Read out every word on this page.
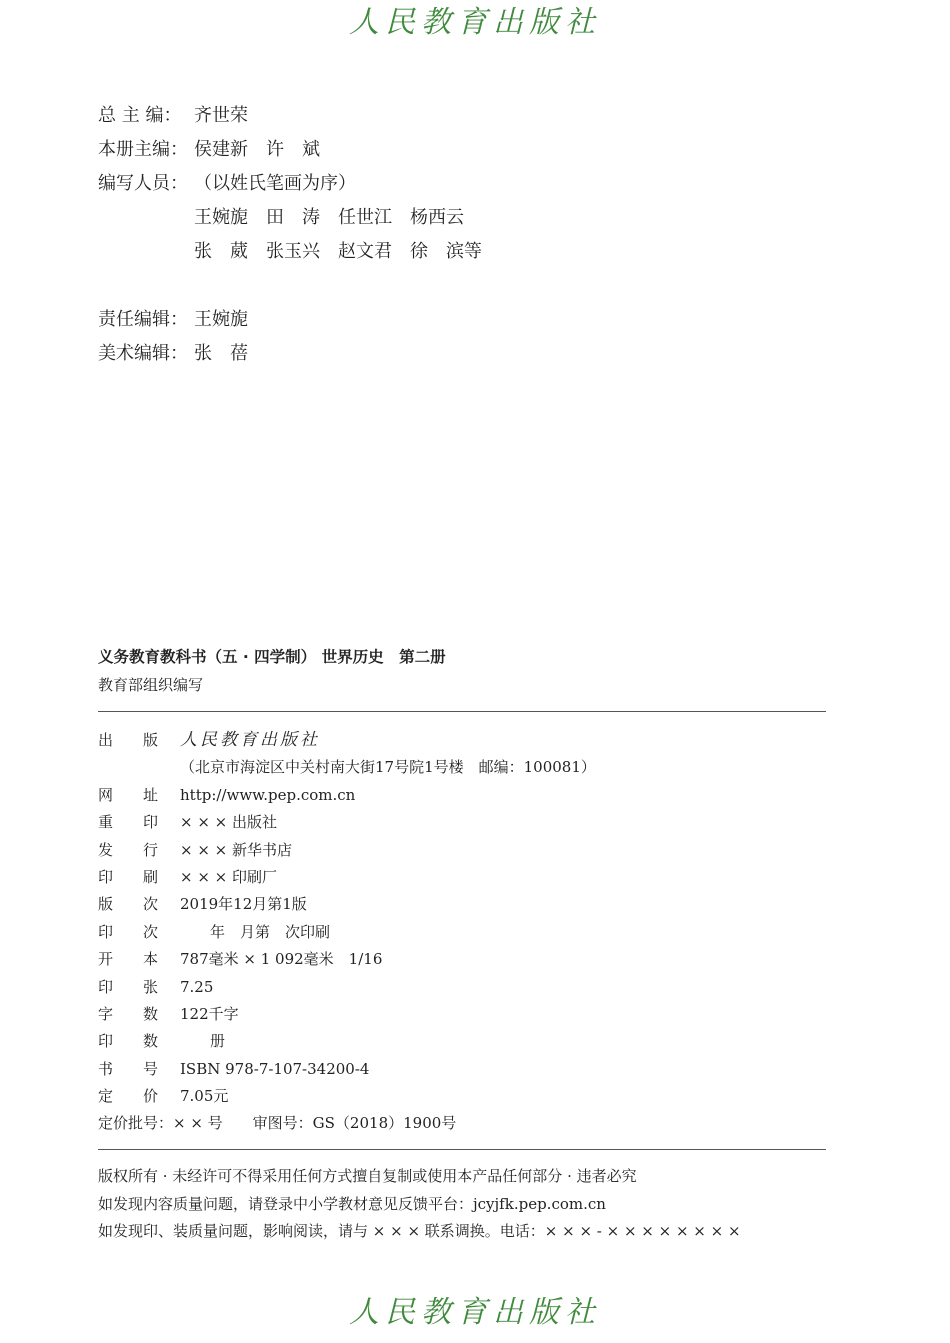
人民教育出版社
总 主 编： 齐世荣
本册主编： 侯建新　许　斌
编写人员： （以姓氏笔画为序）
王婉旎　田　涛　任世江　杨西云
张　葳　张玉兴　赵文君　徐　滨等
责任编辑： 王婉旎
美术编辑： 张　蓓
义务教育教科书（五 · 四学制） 世界历史　第二册
教育部组织编写
出　　版 人民教育出版社
（北京市海淀区中关村南大街17号院1号楼　邮编：100081）
网　　址 http://www.pep.com.cn
重　　印 × × × 出版社
发　　行 × × × 新华书店
印　　刷 × × × 印刷厂
版　　次 2019年12月第1版
印　　次　　年　月第　次印刷
开　　本 787毫米 × 1 092毫米　1/16
印　　张 7.25
字　　数 122千字
印　　数　　册
书　　号 ISBN 978-7-107-34200-4
定　　价 7.05元
定价批号：× × 号　　审图号：GS（2018）1900号
版权所有 · 未经许可不得采用任何方式擅自复制或使用本产品任何部分 · 违者必究
如发现内容质量问题，请登录中小学教材意见反馈平台：jcyjfk.pep.com.cn
如发现印、装质量问题，影响阅读，请与 × × × 联系调换。电话：× × × - × × × × × × × ×
人民教育出版社
